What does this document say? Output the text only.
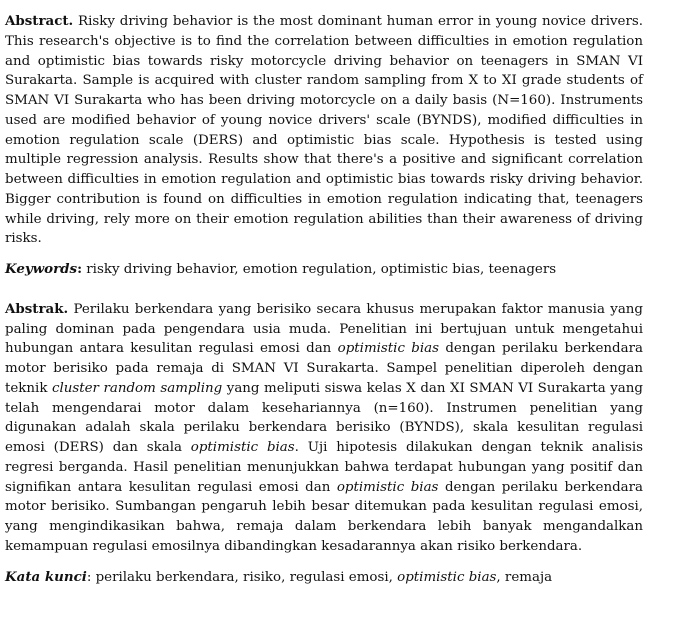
Abstract. Risky driving behavior is the most dominant human error in young novice drivers. This research's objective is to find the correlation between difficulties in emotion regulation and optimistic bias towards risky motorcycle driving behavior on teenagers in SMAN VI Surakarta. Sample is acquired with cluster random sampling from X to XI grade students of SMAN VI Surakarta who has been driving motorcycle on a daily basis (N=160). Instruments used are modified behavior of young novice drivers' scale (BYNDS), modified difficulties in emotion regulation scale (DERS) and optimistic bias scale. Hypothesis is tested using multiple regression analysis. Results show that there's a positive and significant correlation between difficulties in emotion regulation and optimistic bias towards risky driving behavior. Bigger contribution is found on difficulties in emotion regulation indicating that, teenagers while driving, rely more on their emotion regulation abilities than their awareness of driving risks.

Keywords: risky driving behavior, emotion regulation, optimistic bias, teenagers

Abstrak. Perilaku berkendara yang berisiko secara khusus merupakan faktor manusia yang paling dominan pada pengendara usia muda. Penelitian ini bertujuan untuk mengetahui hubungan antara kesulitan regulasi emosi dan optimistic bias dengan perilaku berkendara motor berisiko pada remaja di SMAN VI Surakarta. Sampel penelitian diperoleh dengan teknik cluster random sampling yang meliputi siswa kelas X dan XI SMAN VI Surakarta yang telah mengendarai motor dalam kesehariannya (n=160). Instrumen penelitian yang digunakan adalah skala perilaku berkendara berisiko (BYNDS), skala kesulitan regulasi emosi (DERS) dan skala optimistic bias. Uji hipotesis dilakukan dengan teknik analisis regresi berganda. Hasil penelitian menunjukkan bahwa terdapat hubungan yang positif dan signifikan antara kesulitan regulasi emosi dan optimistic bias dengan perilaku berkendara motor berisiko. Sumbangan pengaruh lebih besar ditemukan pada kesulitan regulasi emosi, yang mengindikasikan bahwa, remaja dalam berkendara lebih banyak mengandalkan kemampuan regulasi emosilnya dibandingkan kesadarannya akan risiko berkendara.

Kata kunci: perilaku berkendara, risiko, regulasi emosi, optimistic bias, remaja
